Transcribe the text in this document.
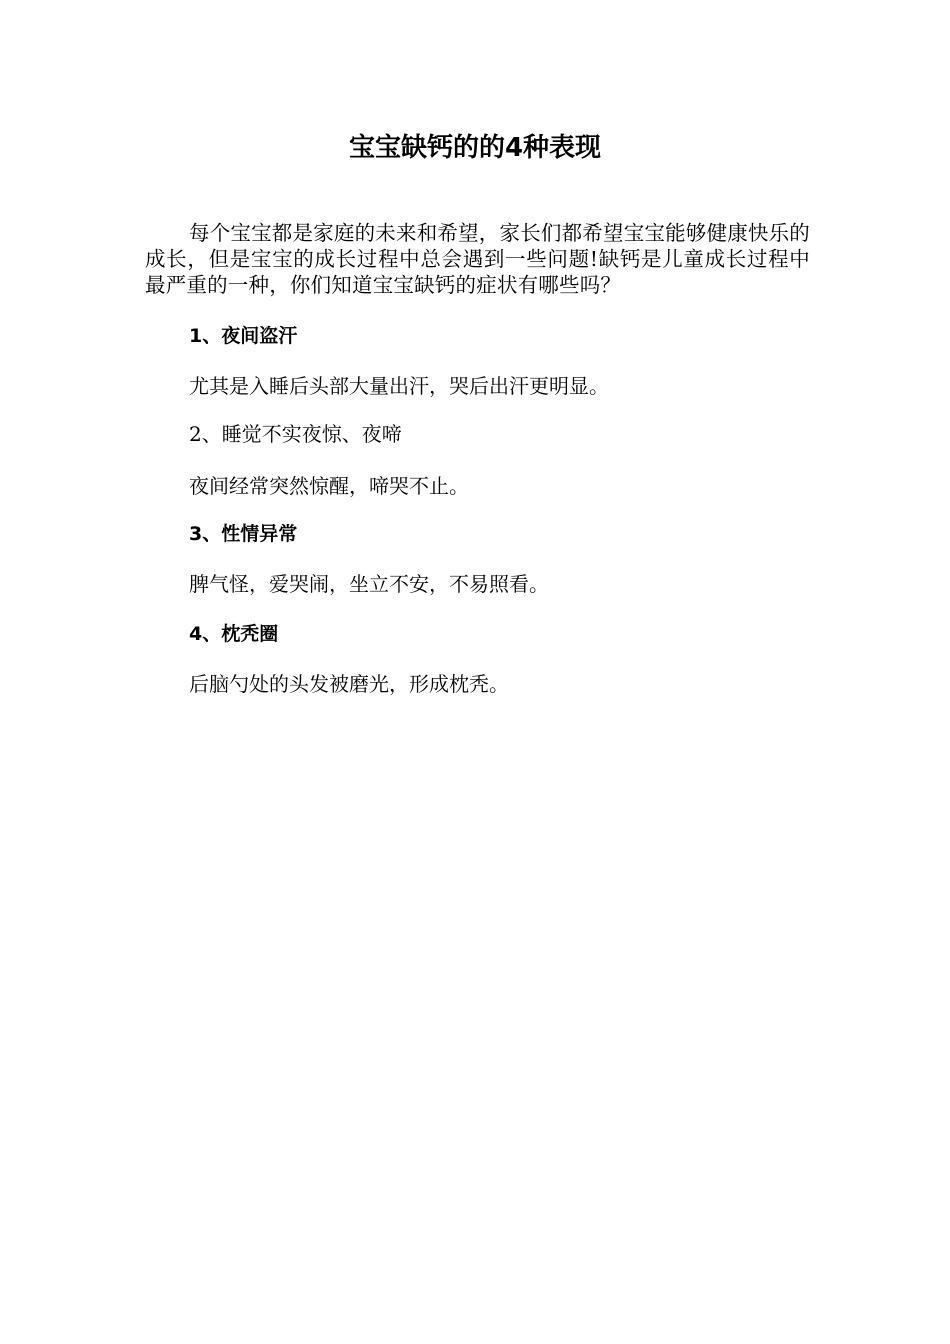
宝宝缺钙的的4种表现

每个宝宝都是家庭的未来和希望，家长们都希望宝宝能够健康快乐的成长，但是宝宝的成长过程中总会遇到一些问题!缺钙是儿童成长过程中最严重的一种，你们知道宝宝缺钙的症状有哪些吗？

1、夜间盗汗

尤其是入睡后头部大量出汗，哭后出汗更明显。

2、睡觉不实夜惊、夜啼

夜间经常突然惊醒，啼哭不止。

3、性情异常

脾气怪，爱哭闹，坐立不安，不易照看。

4、枕秃圈

后脑勺处的头发被磨光，形成枕秃。
